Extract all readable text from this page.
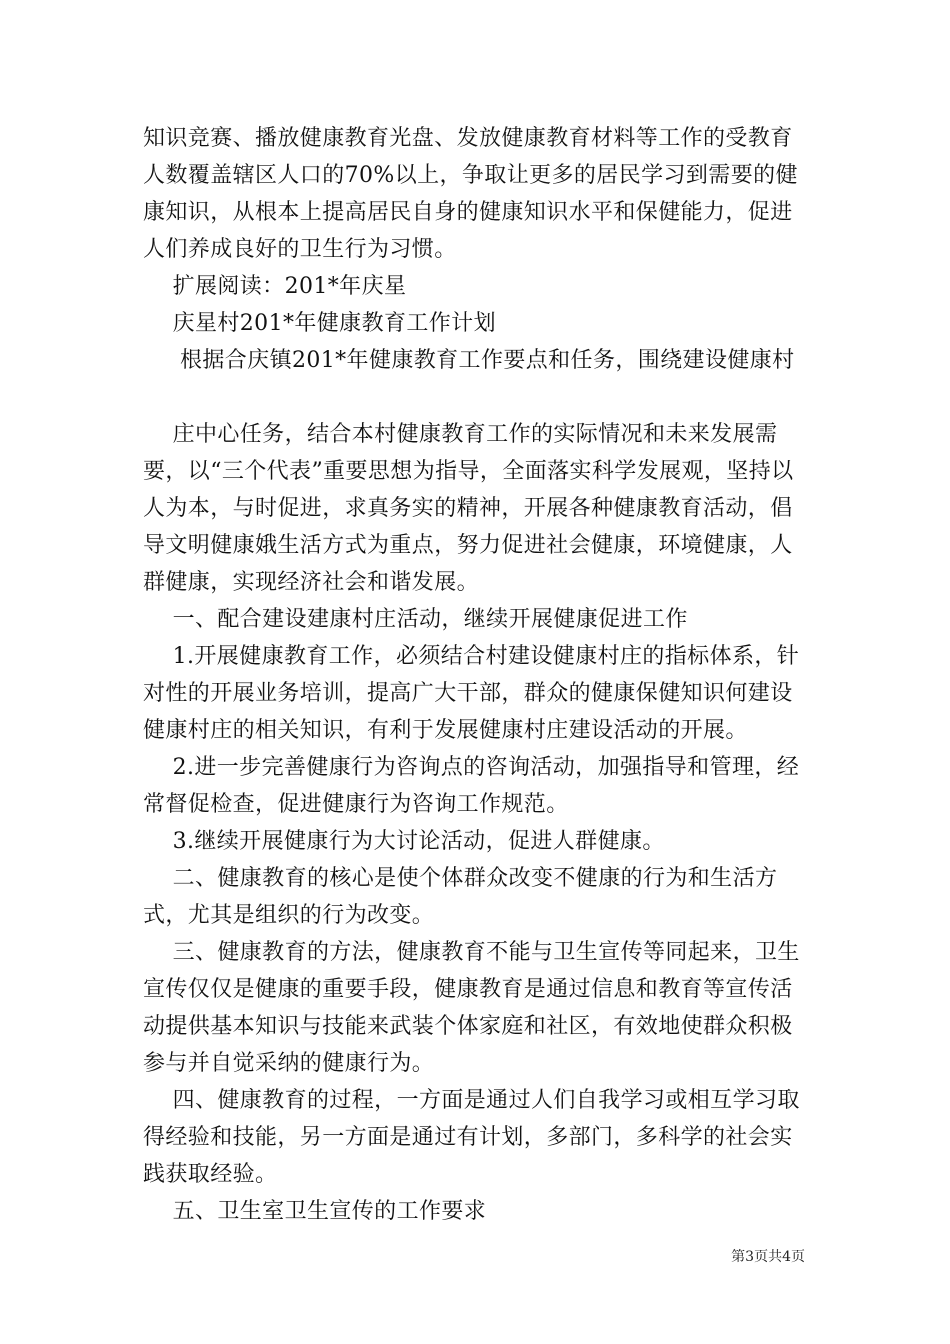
知识竞赛、播放健康教育光盘、发放健康教育材料等工作的受教育人数覆盖辖区人口的70%以上，争取让更多的居民学习到需要的健康知识，从根本上提高居民自身的健康知识水平和保健能力，促进人们养成良好的卫生行为习惯。

扩展阅读：201*年庆星

庆星村201*年健康教育工作计划

根据合庆镇201*年健康教育工作要点和任务，围绕建设健康村

庄中心任务，结合本村健康教育工作的实际情况和未来发展需要，以“三个代表”重要思想为指导，全面落实科学发展观，坚持以人为本，与时促进，求真务实的精神，开展各种健康教育活动，倡导文明健康娥生活方式为重点，努力促进社会健康，环境健康，人群健康，实现经济社会和谐发展。

一、配合建设建康村庄活动，继续开展健康促进工作

1.开展健康教育工作，必须结合村建设健康村庄的指标体系，针对性的开展业务培训，提高广大干部，群众的健康保健知识何建设健康村庄的相关知识，有利于发展健康村庄建设活动的开展。

2.进一步完善健康行为咨询点的咨询活动，加强指导和管理，经常督促检查，促进健康行为咨询工作规范。

3.继续开展健康行为大讨论活动，促进人群健康。

二、健康教育的核心是使个体群众改变不健康的行为和生活方式，尤其是组织的行为改变。

三、健康教育的方法，健康教育不能与卫生宣传等同起来，卫生宣传仅仅是健康的重要手段，健康教育是通过信息和教育等宣传活动提供基本知识与技能来武装个体家庭和社区，有效地使群众积极参与并自觉采纳的健康行为。

四、健康教育的过程，一方面是通过人们自我学习或相互学习取得经验和技能，另一方面是通过有计划，多部门，多科学的社会实践获取经验。

五、卫生室卫生宣传的工作要求

第3页共4页
